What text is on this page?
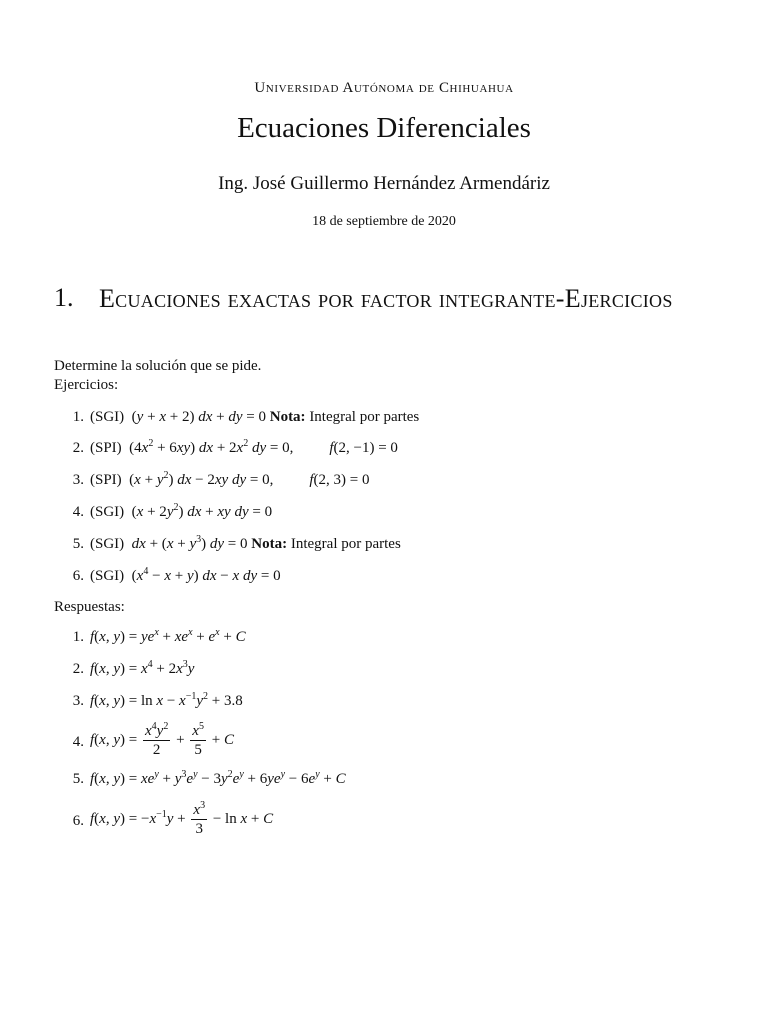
Universidad Autónoma de Chihuahua
Ecuaciones Diferenciales
Ing. José Guillermo Hernández Armendáriz
18 de septiembre de 2020
1. Ecuaciones exactas por factor integrante-Ejercicios
Determine la solución que se pide.
Ejercicios:
1. (SGI)  (y + x + 2) dx + dy = 0 Nota: Integral por partes
2. (SPI)  $(4x^2 + 6xy)$ dx + $2x^2$ dy = 0, f(2, −1) = 0
3. (SPI)  $(x + y^2)$ dx − 2xy dy = 0, f(2, 3) = 0
4. (SGI)  $(x + 2y^2)$ dx + xy dy = 0
5. (SGI) dx + $(x + y^3)$ dy = 0 Nota: Integral por partes
6. (SGI)  $(x^4 - x + y)$ dx − x dy = 0
Respuestas:
1. f(x, $y) = ye^x + xe^x + e^x + C$
2. f(x, $y) = x^4 + 2x^3y$
3. f(x, $y) = \ln x - x^{-1}y^2 + 3.8$
4. f(x, $y) = \frac{x^4y^2}{2} + \frac{x^5}{5} + C$
5. f(x, $y) = xe^y + y^3e^y - 3y^2e^y + 6ye^y - 6e^y + C$
6. f(x, $y) = -x^{-1}y + \frac{x^3}{3} - \ln x + C$
